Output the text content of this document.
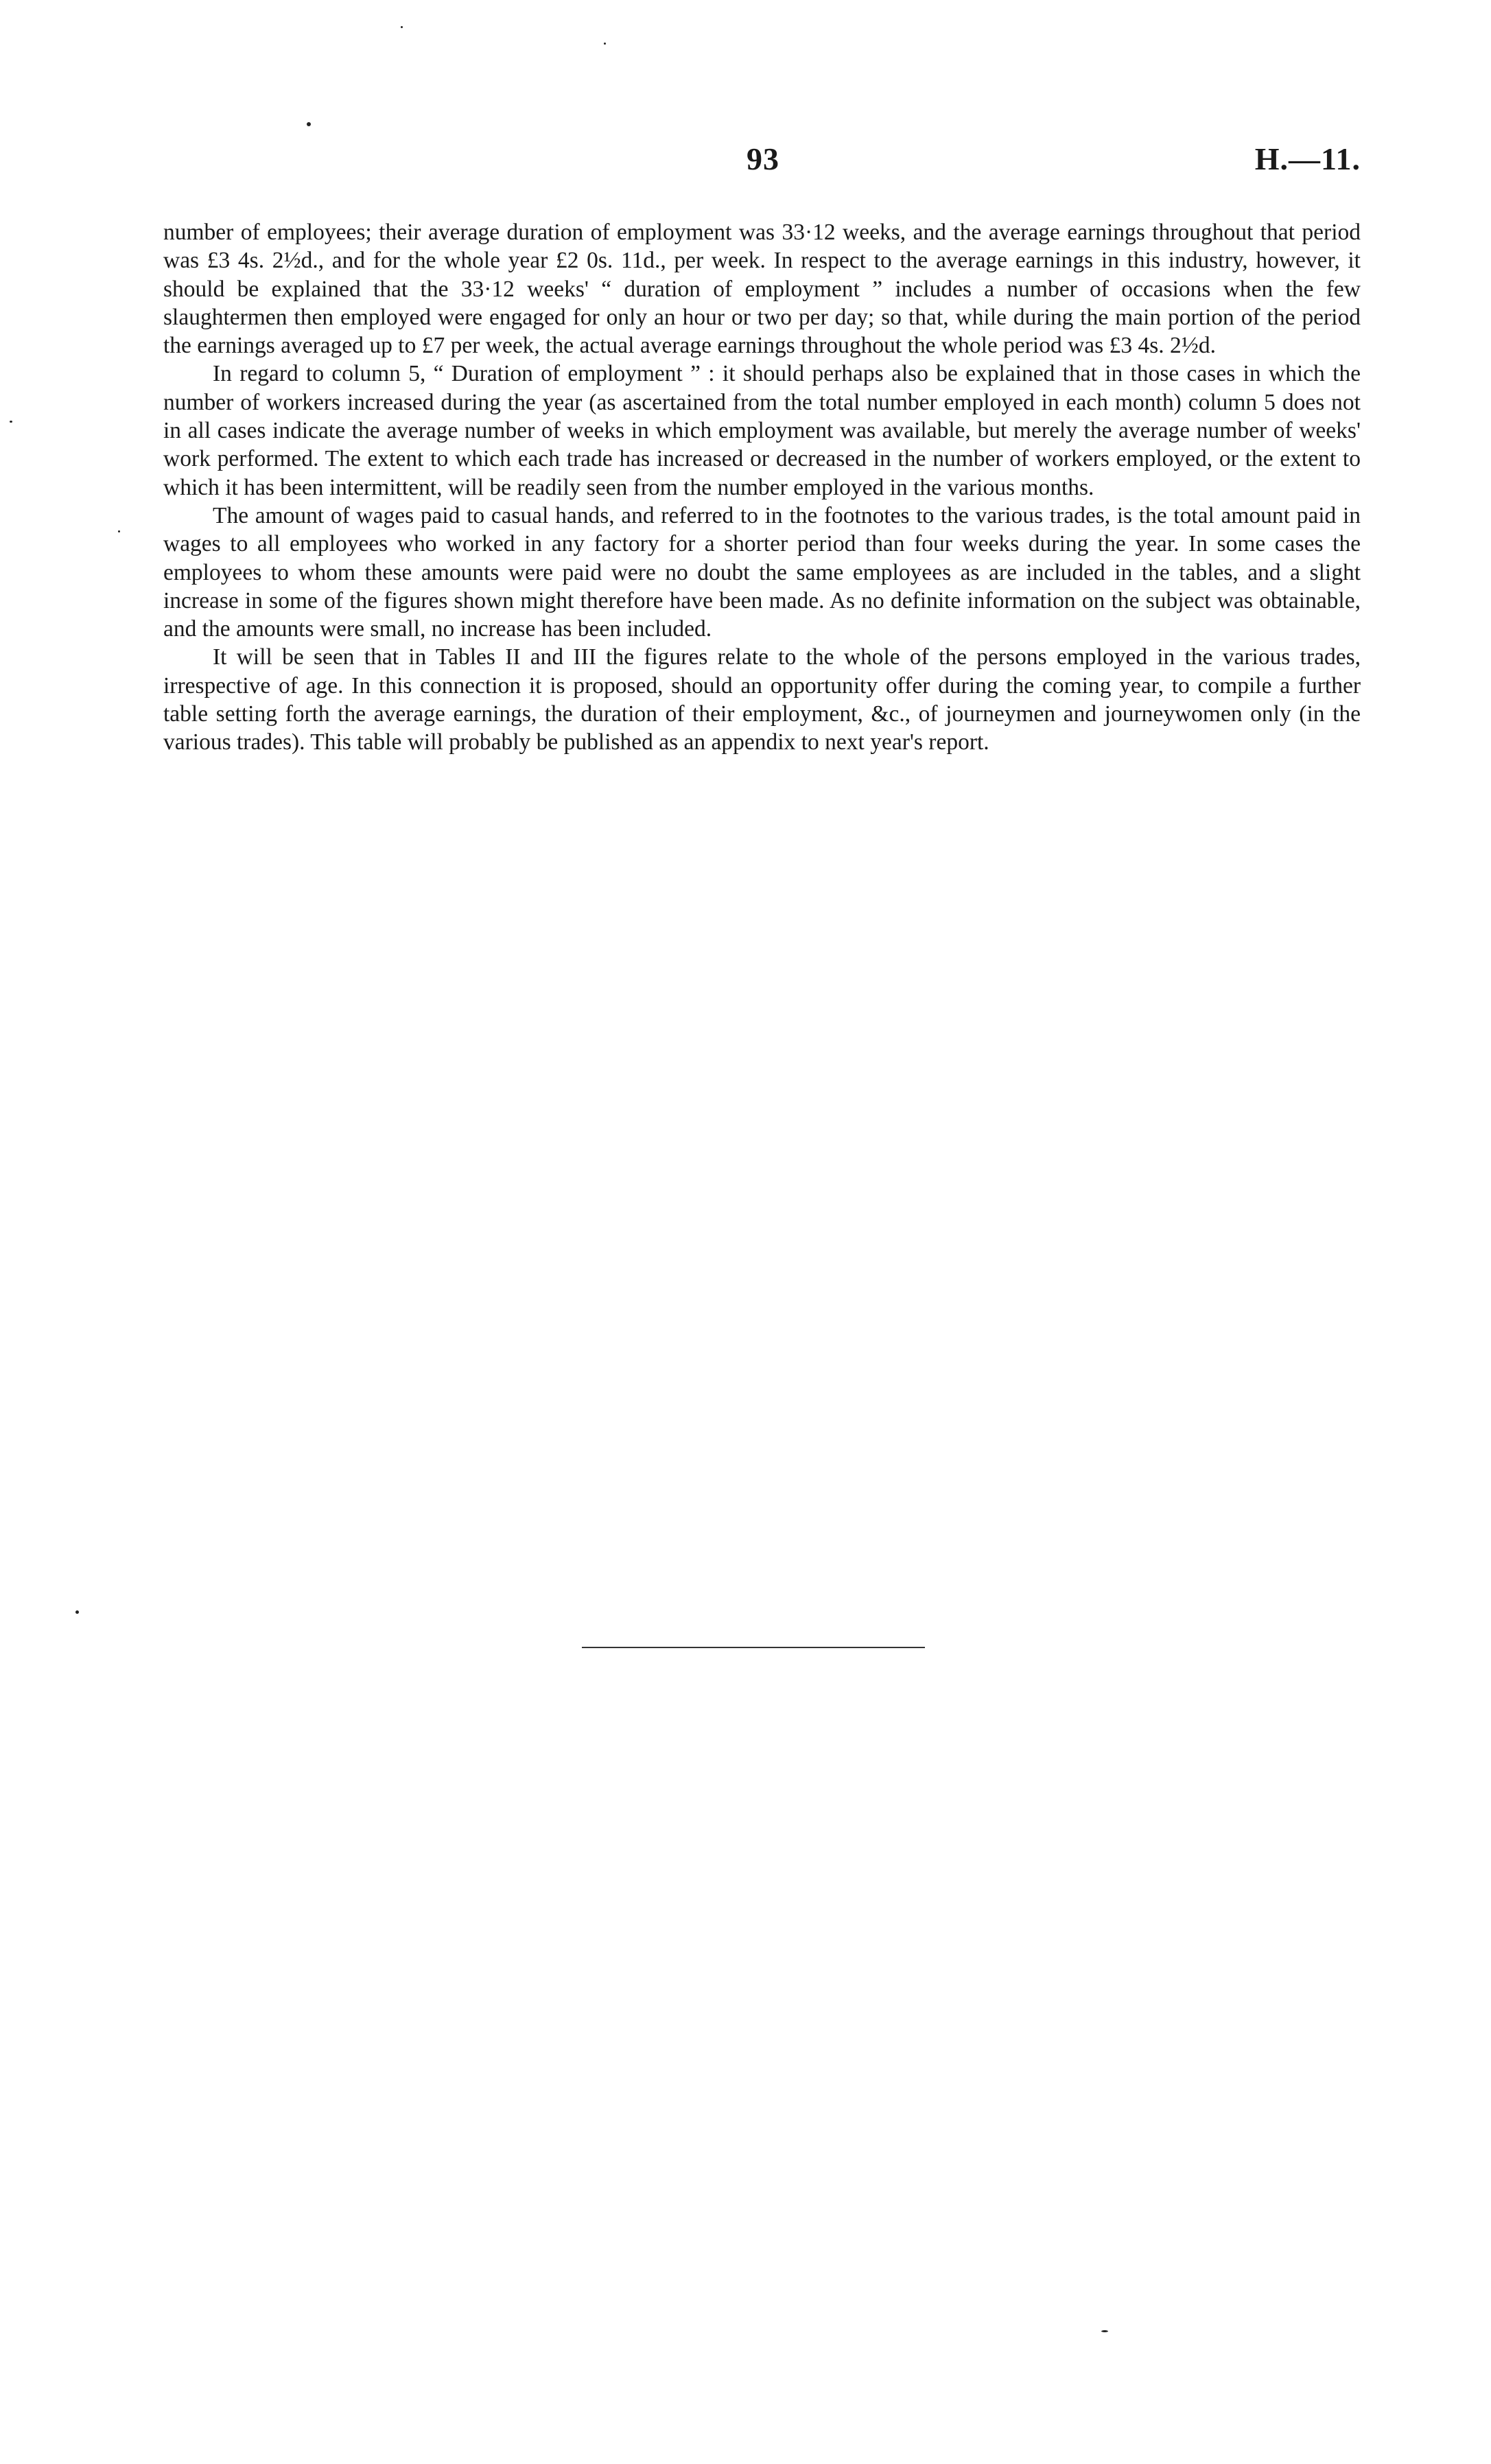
93	H.—11.

number of employees; their average duration of employment was 33·12 weeks, and the average earnings throughout that period was £3 4s. 2½d., and for the whole year £2 0s. 11d., per week. In respect to the average earnings in this industry, however, it should be explained that the 33·12 weeks' “ duration of employment ” includes a number of occasions when the few slaughtermen then employed were engaged for only an hour or two per day; so that, while during the main portion of the period the earnings averaged up to £7 per week, the actual average earnings throughout the whole period was £3 4s. 2½d.

In regard to column 5, “ Duration of employment ” : it should perhaps also be explained that in those cases in which the number of workers increased during the year (as ascertained from the total number employed in each month) column 5 does not in all cases indicate the average number of weeks in which employment was available, but merely the average number of weeks' work performed. The extent to which each trade has increased or decreased in the number of workers employed, or the extent to which it has been intermittent, will be readily seen from the number employed in the various months.

The amount of wages paid to casual hands, and referred to in the footnotes to the various trades, is the total amount paid in wages to all employees who worked in any factory for a shorter period than four weeks during the year. In some cases the employees to whom these amounts were paid were no doubt the same employees as are included in the tables, and a slight increase in some of the figures shown might therefore have been made. As no definite information on the subject was obtainable, and the amounts were small, no increase has been included.

It will be seen that in Tables II and III the figures relate to the whole of the persons employed in the various trades, irrespective of age. In this connection it is proposed, should an opportunity offer during the coming year, to compile a further table setting forth the average earnings, the duration of their employment, &c., of journeymen and journeywomen only (in the various trades). This table will probably be published as an appendix to next year's report.
